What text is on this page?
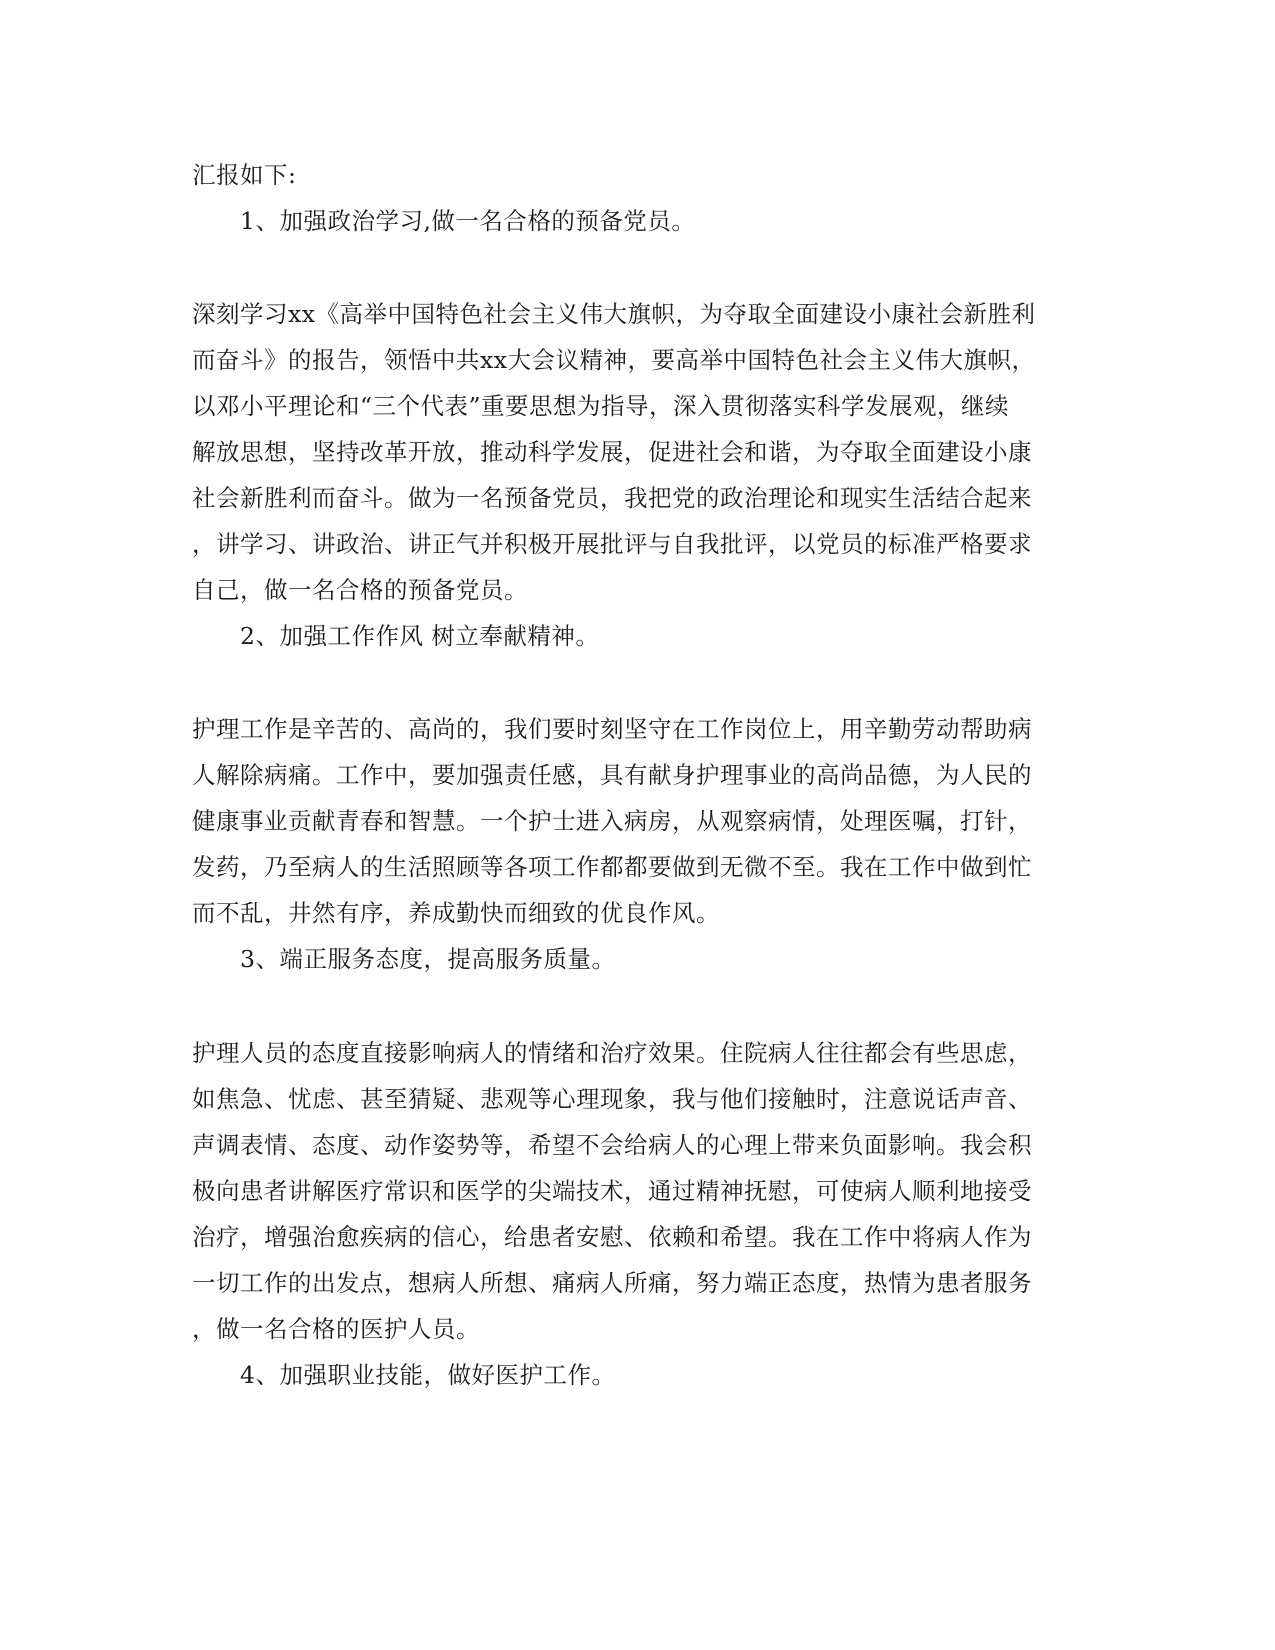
汇报如下:
1、加强政治学习,做一名合格的预备党员。
深刻学习xx《高举中国特色社会主义伟大旗帜，为夺取全面建设小康社会新胜利
而奋斗》的报告，领悟中共xx大会议精神，要高举中国特色社会主义伟大旗帜，
以邓小平理论和“三个代表”重要思想为指导，深入贯彻落实科学发展观，继续
解放思想，坚持改革开放，推动科学发展，促进社会和谐，为夺取全面建设小康
社会新胜利而奋斗。做为一名预备党员，我把党的政治理论和现实生活结合起来
，讲学习、讲政治、讲正气并积极开展批评与自我批评，以党员的标准严格要求
自己，做一名合格的预备党员。
2、加强工作作风 树立奉献精神。
护理工作是辛苦的、高尚的，我们要时刻坚守在工作岗位上，用辛勤劳动帮助病
人解除病痛。工作中，要加强责任感，具有献身护理事业的高尚品德，为人民的
健康事业贡献青春和智慧。一个护士进入病房，从观察病情，处理医嘱，打针，
发药，乃至病人的生活照顾等各项工作都都要做到无微不至。我在工作中做到忙
而不乱，井然有序，养成勤快而细致的优良作风。
3、端正服务态度，提高服务质量。
护理人员的态度直接影响病人的情绪和治疗效果。住院病人往往都会有些思虑，
如焦急、忧虑、甚至猜疑、悲观等心理现象，我与他们接触时，注意说话声音、
声调表情、态度、动作姿势等，希望不会给病人的心理上带来负面影响。我会积
极向患者讲解医疗常识和医学的尖端技术，通过精神抚慰，可使病人顺利地接受
治疗，增强治愈疾病的信心，给患者安慰、依赖和希望。我在工作中将病人作为
一切工作的出发点，想病人所想、痛病人所痛，努力端正态度，热情为患者服务
，做一名合格的医护人员。
4、加强职业技能，做好医护工作。
